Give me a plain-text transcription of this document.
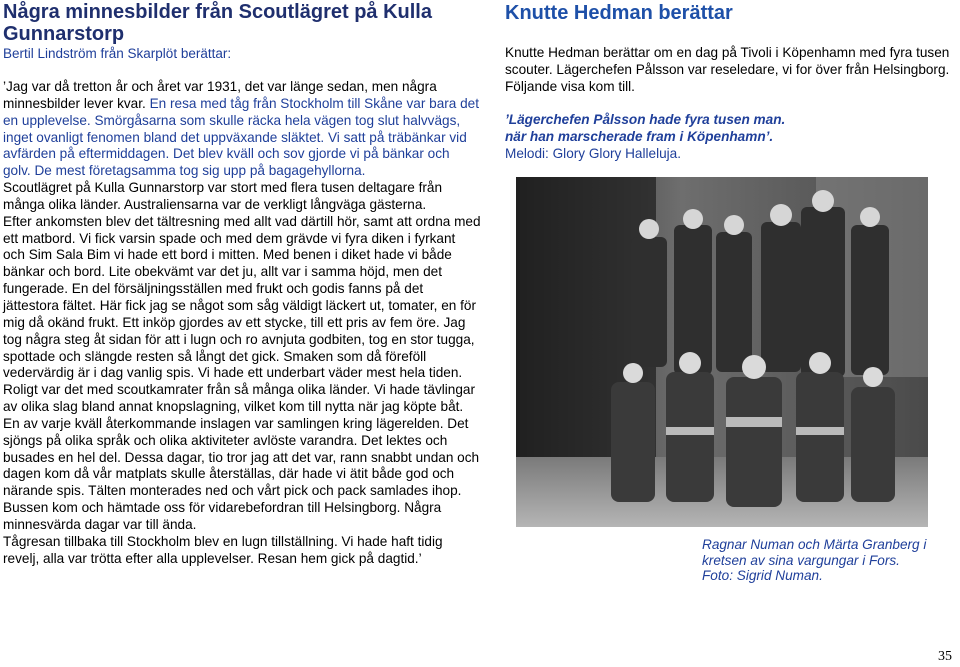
Några minnesbilder från Scoutlägret på Kulla Gunnarstorp

Bertil Lindström från Skarplöt berättar:

’Jag var då tretton år och året var 1931, det var länge sedan, men några minnesbilder lever kvar. En resa med tåg från Stockholm till Skåne var bara det en upplevelse. Smörgåsarna som skulle räcka hela vägen tog slut halvvägs, inget ovanligt fenomen bland det uppväxande släktet. Vi satt på träbänkar vid avfärden på eftermiddagen. Det blev kväll och sov gjorde vi på bänkar och golv. De mest företagsamma tog sig upp på bagagehyllorna.

Scoutlägret på Kulla Gunnarstorp var stort med flera tusen deltagare från många olika länder. Australiensarna var de verkligt långväga gästerna.

Efter ankomsten blev det tältresning med allt vad därtill hör, samt att ordna med ett matbord. Vi fick varsin spade och med dem grävde vi fyra diken i fyrkant och Sim Sala Bim vi hade ett bord i mitten. Med benen i diket hade vi både bänkar och bord. Lite obekvämt var det ju, allt var i samma höjd, men det fungerade. En del försäljningsställen med frukt och godis fanns på det jättestora fältet. Här fick jag se något som såg väldigt läckert ut, tomater, en för mig då okänd frukt. Ett inköp gjordes av ett stycke, till ett pris av fem öre. Jag tog några steg åt sidan för att i lugn och ro avnjuta godbiten, tog en stor tugga, spottade och slängde resten så långt det gick. Smaken som då föreföll vedervärdig är i dag vanlig spis. Vi hade ett underbart väder mest hela tiden. Roligt var det med scoutkamrater från så många olika länder. Vi hade tävlingar av olika slag bland annat knopslagning, vilket kom till nytta när jag köpte båt. En av varje kväll återkommande inslagen var samlingen kring lägerelden. Det sjöngs på olika språk och olika aktiviteter avlöste varandra. Det lektes och busades en hel del. Dessa dagar, tio tror jag att det var, rann snabbt undan och dagen kom då vår matplats skulle återställas, där hade vi ätit både god och närande spis. Tälten monterades ned och vårt pick och pack samlades ihop. Bussen kom och hämtade oss för vidarebefordran till Helsingborg. Några minnesvärda dagar var till ända.

Tågresan tillbaka till Stockholm blev en lugn tillställning. Vi hade haft tidig revelj, alla var trötta efter alla upplevelser. Resan hem gick på dagtid.’

Knutte Hedman berättar

Knutte Hedman berättar om en dag på Tivoli i Köpenhamn med fyra tusen scouter. Lägerchefen Pålsson var reseledare, vi for över från Helsingborg. Följande visa kom till.

’Lägerchefen Pålsson hade fyra tusen man.

när han marscherade fram i Köpenhamn’.

Melodi: Glory Glory Halleluja.

Ragnar Numan och Märta Granberg i
kretsen av sina vargungar i Fors.
Foto: Sigrid Numan.
35
